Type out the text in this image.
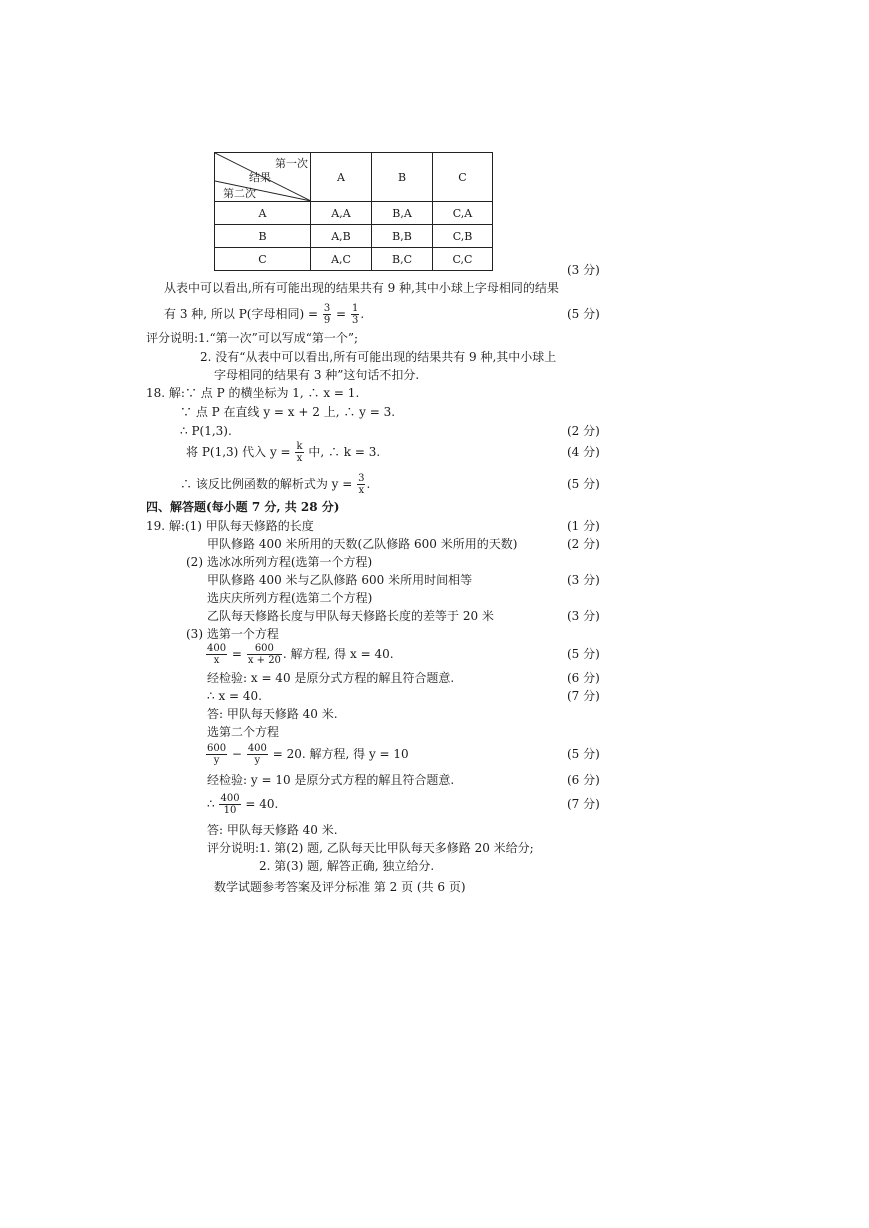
第一次
结果
第二次	A	B	C
A	A,A	B,A	C,A
B	A,B	B,B	C,B
C	A,C	B,C	C,C
(3 分)
从表中可以看出,所有可能出现的结果共有 9 种,其中小球上字母相同的结果
有 3 种, 所以 P(字母相同) = $\frac{3}{9} = \frac{1}{3}$ .	(5 分)
评分说明:1.“第一次”可以写成“第一个”;
2. 没有“从表中可以看出,所有可能出现的结果共有 9 种,其中小球上
字母相同的结果有 3 种”这句话不扣分.
18. 解:∵ 点 P 的横坐标为 1, ∴ x = 1.
∵ 点 P 在直线 y = x + 2 上, ∴ y = 3.
∴ P(1,3).	(2 分)
将 P(1,3) 代入 $y = \frac{k}{x}$ 中, ∴ k = 3.	(4 分)
∴ 该反比例函数的解析式为 $y = \frac{3}{x}$ .	(5 分)
四、解答题(每小题 7 分, 共 28 分)
19. 解:(1) 甲队每天修路的长度	(1 分)
甲队修路 400 米所用的天数(乙队修路 600 米所用的天数)	(2 分)
(2) 选冰冰所列方程(选第一个方程)
甲队修路 400 米与乙队修路 600 米所用时间相等	(3 分)
选庆庆所列方程(选第二个方程)
乙队每天修路长度与甲队每天修路长度的差等于 20 米	(3 分)
(3) 选第一个方程
$\frac{400}{x} = \frac{600}{x + 20}$ . 解方程, 得 x = 40.	(5 分)
经检验: x = 40 是原分式方程的解且符合题意.	(6 分)
∴ x = 40.	(7 分)
答: 甲队每天修路 40 米.
选第二个方程
$\frac{600}{y} - \frac{400}{y} = 20$. 解方程, 得 y = 10	(5 分)
经检验: y = 10 是原分式方程的解且符合题意.	(6 分)
∴ $\frac{400}{10} = 40$.	(7 分)
答: 甲队每天修路 40 米.
评分说明:1. 第(2) 题, 乙队每天比甲队每天多修路 20 米给分;
2. 第(3) 题, 解答正确, 独立给分.
数学试题参考答案及评分标准 第 2 页 (共 6 页)
